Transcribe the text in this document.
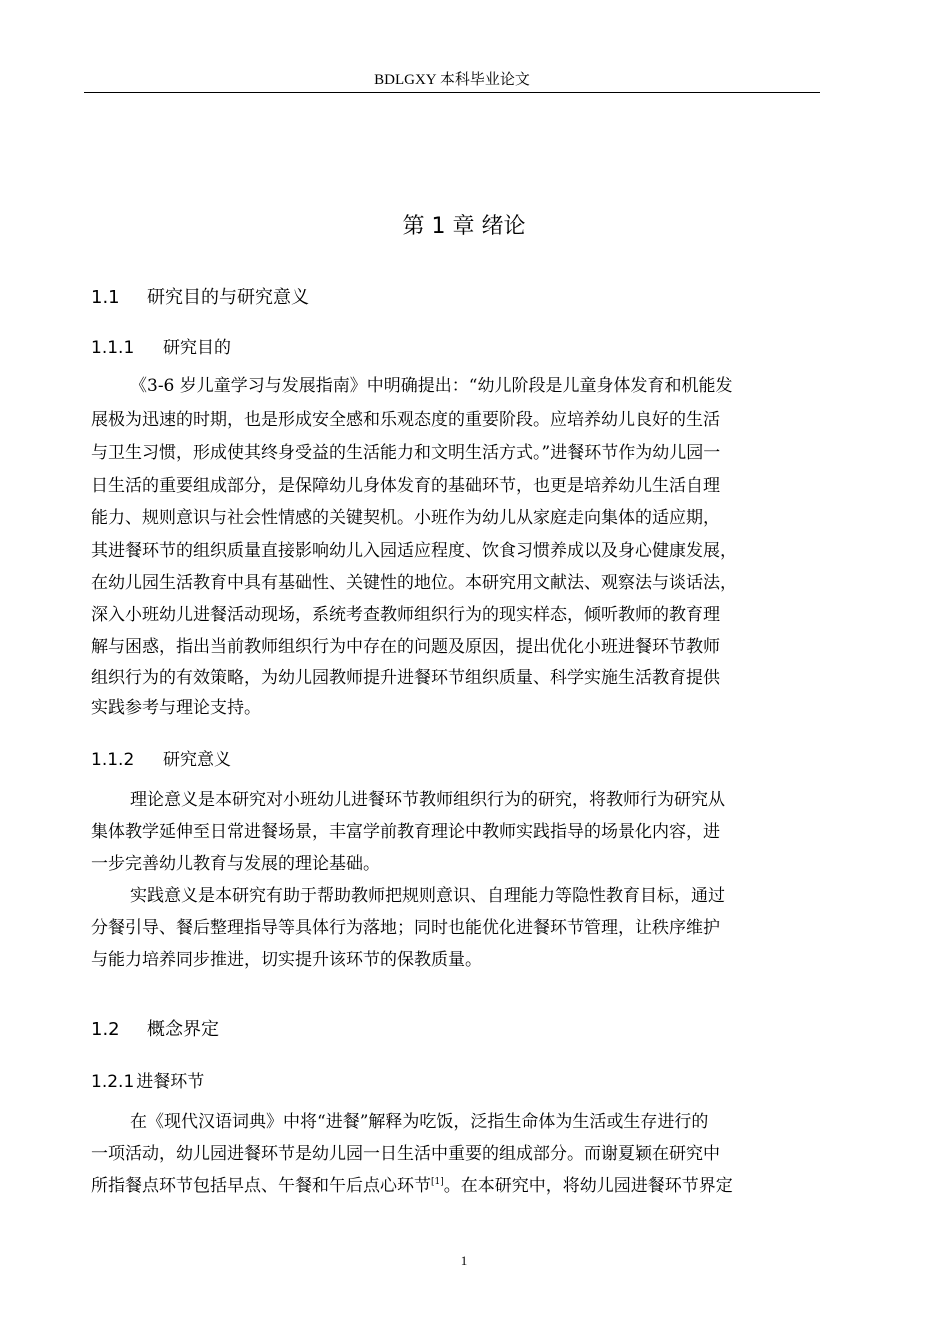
BDLGXY 本科毕业论文
第 1 章 绪论
1.1 研究目的与研究意义
1.1.1 研究目的
《3-6 岁儿童学习与发展指南》中明确提出：“幼儿阶段是儿童身体发育和机能发
展极为迅速的时期，也是形成安全感和乐观态度的重要阶段。应培养幼儿良好的生活
与卫生习惯，形成使其终身受益的生活能力和文明生活方式。”进餐环节作为幼儿园一
日生活的重要组成部分，是保障幼儿身体发育的基础环节，也更是培养幼儿生活自理
能力、规则意识与社会性情感的关键契机。小班作为幼儿从家庭走向集体的适应期，
其进餐环节的组织质量直接影响幼儿入园适应程度、饮食习惯养成以及身心健康发展，
在幼儿园生活教育中具有基础性、关键性的地位。本研究用文献法、观察法与谈话法，
深入小班幼儿进餐活动现场，系统考查教师组织行为的现实样态，倾听教师的教育理
解与困惑，指出当前教师组织行为中存在的问题及原因，提出优化小班进餐环节教师
组织行为的有效策略，为幼儿园教师提升进餐环节组织质量、科学实施生活教育提供
实践参考与理论支持。
1.1.2 研究意义
理论意义是本研究对小班幼儿进餐环节教师组织行为的研究，将教师行为研究从
集体教学延伸至日常进餐场景，丰富学前教育理论中教师实践指导的场景化内容，进
一步完善幼儿教育与发展的理论基础。
实践意义是本研究有助于帮助教师把规则意识、自理能力等隐性教育目标，通过
分餐引导、餐后整理指导等具体行为落地；同时也能优化进餐环节管理，让秩序维护
与能力培养同步推进，切实提升该环节的保教质量。
1.2 概念界定
1.2.1 进餐环节
在《现代汉语词典》中将“进餐”解释为吃饭，泛指生命体为生活或生存进行的
一项活动，幼儿园进餐环节是幼儿园一日生活中重要的组成部分。而谢夏颖在研究中
所指餐点环节包括早点、午餐和午后点心环节[1]。在本研究中，将幼儿园进餐环节界定
1
